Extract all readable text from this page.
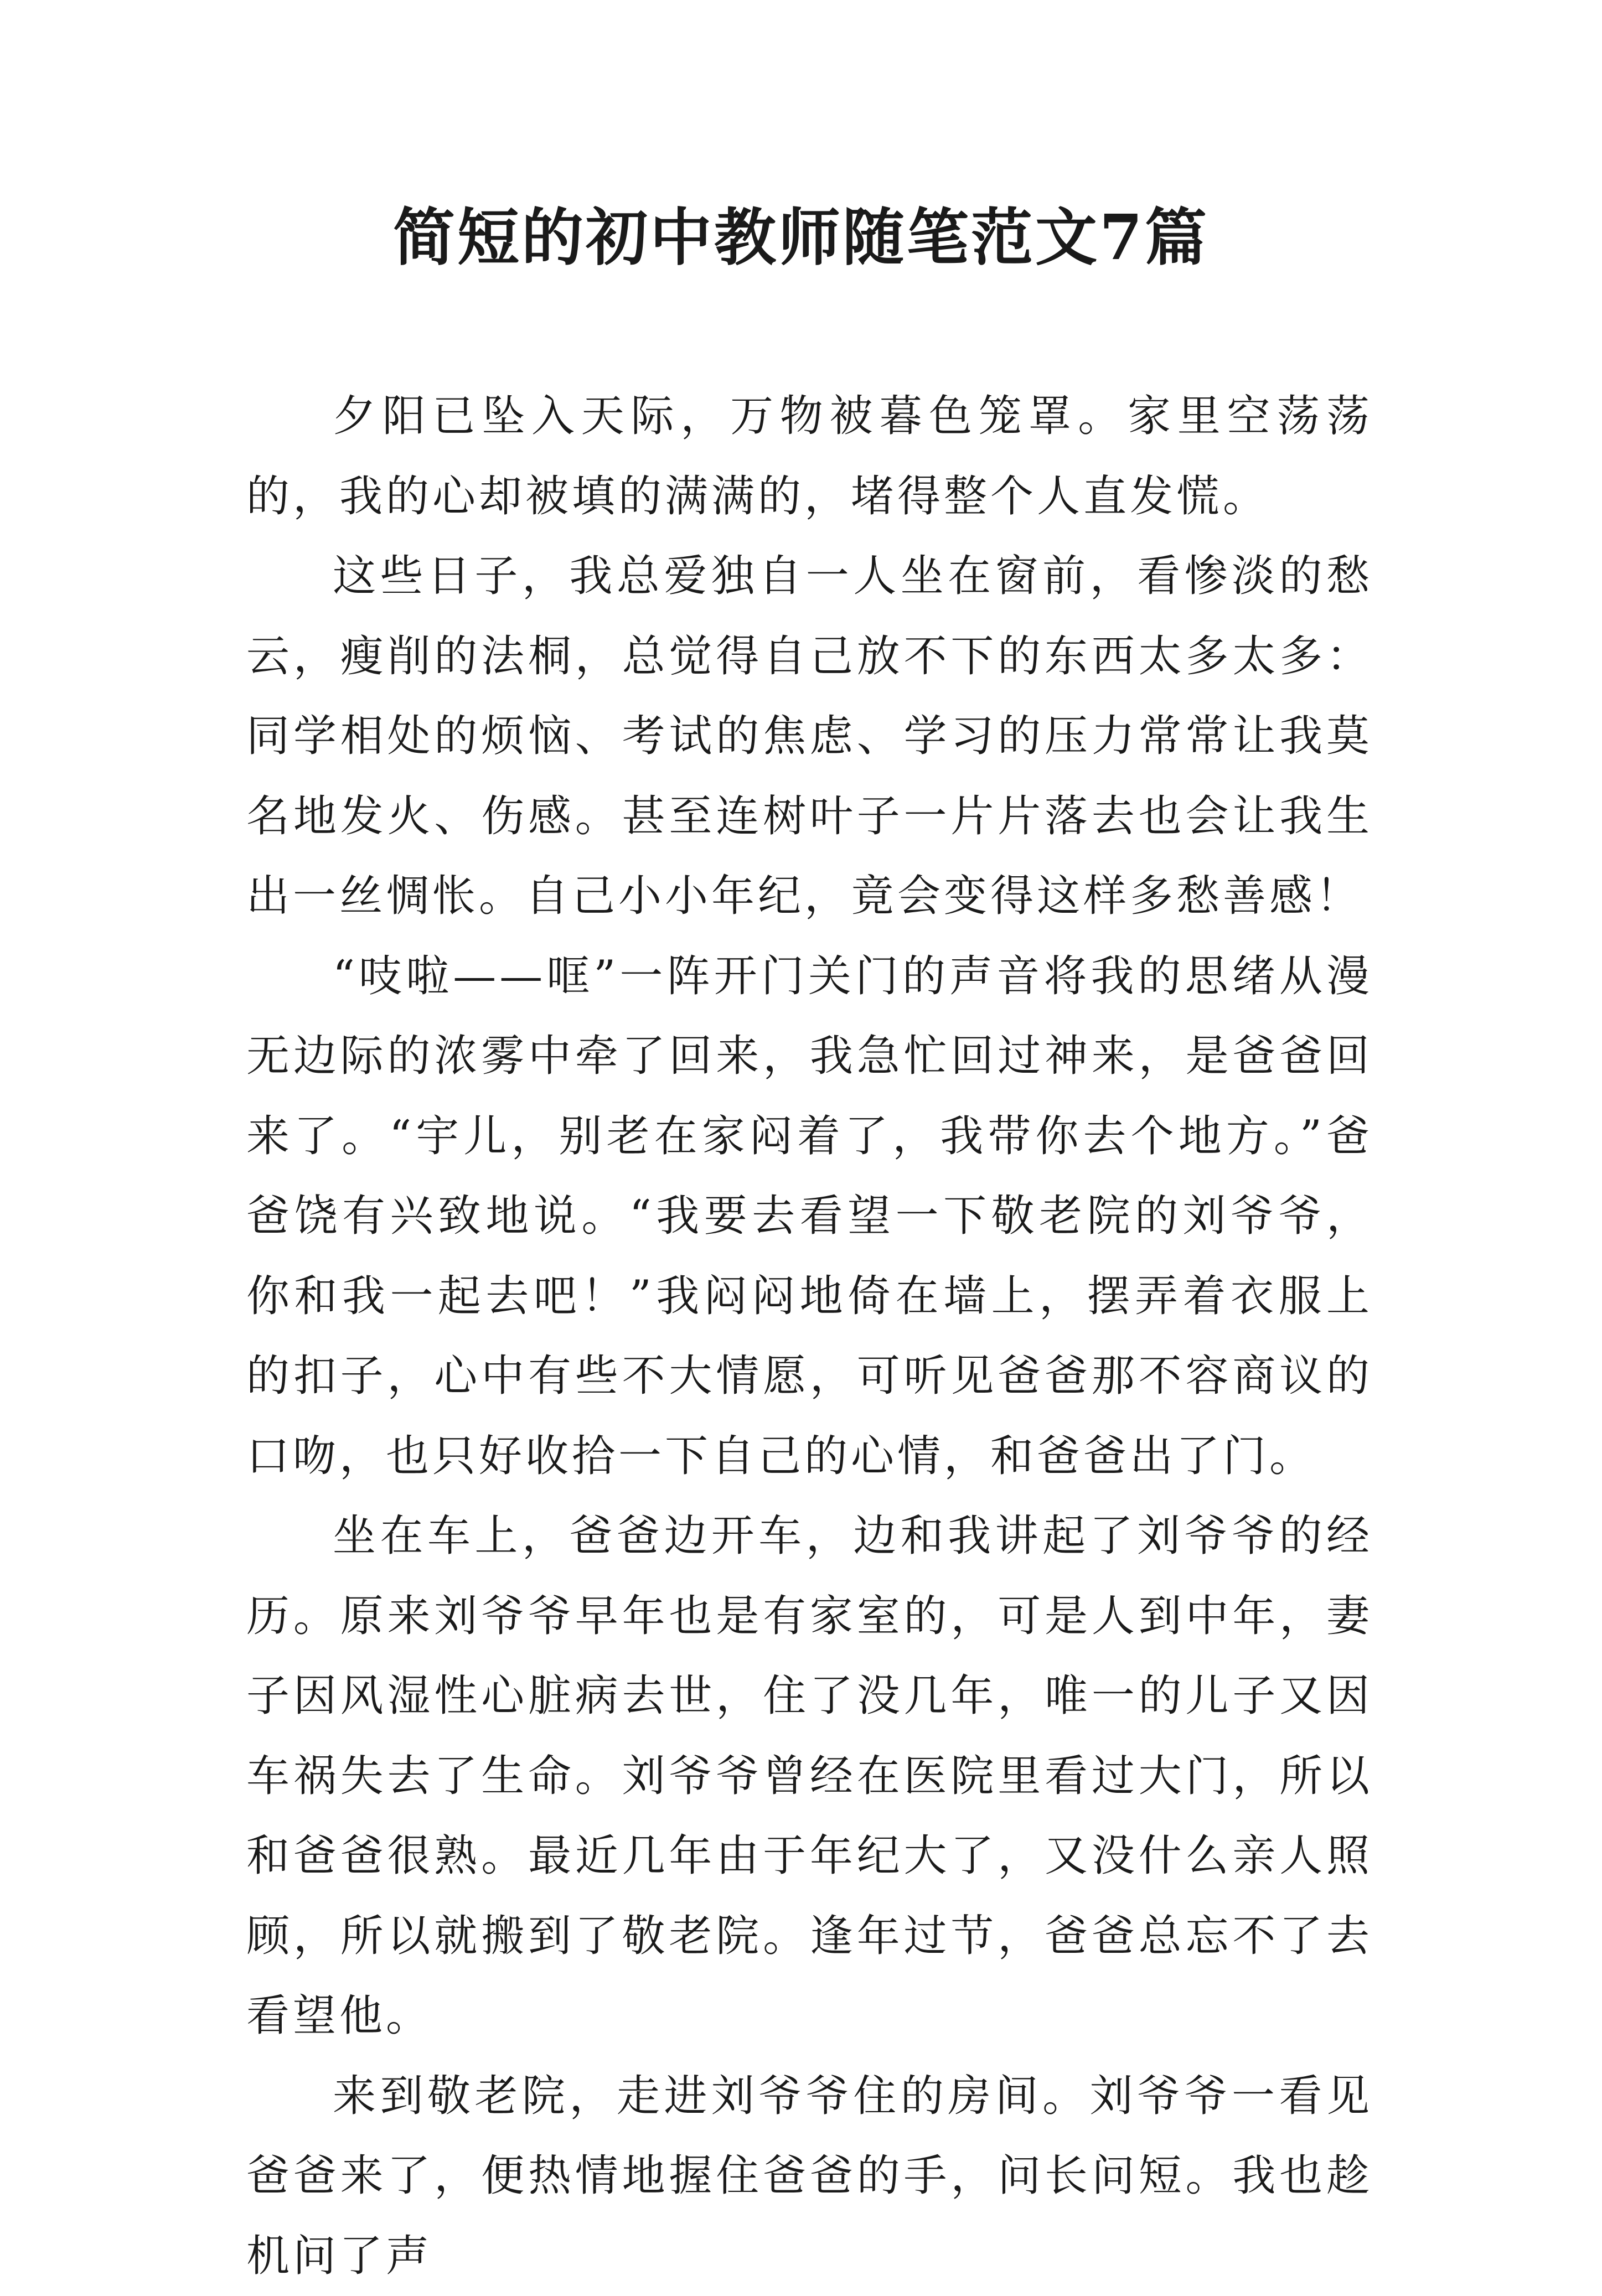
简短的初中教师随笔范文7篇

夕阳已坠入天际，万物被暮色笼罩。家里空荡荡的，我的心却被填的满满的，堵得整个人直发慌。

这些日子，我总爱独自一人坐在窗前，看惨淡的愁云，瘦削的法桐，总觉得自己放不下的东西太多太多：同学相处的烦恼、考试的焦虑、学习的压力常常让我莫名地发火、伤感。甚至连树叶子一片片落去也会让我生出一丝惆怅。自己小小年纪，竟会变得这样多愁善感！

“吱啦——哐”一阵开门关门的声音将我的思绪从漫无边际的浓雾中牵了回来，我急忙回过神来，是爸爸回来了。“宇儿，别老在家闷着了，我带你去个地方。”爸爸饶有兴致地说。“我要去看望一下敬老院的刘爷爷，你和我一起去吧！”我闷闷地倚在墙上，摆弄着衣服上的扣子，心中有些不大情愿，可听见爸爸那不容商议的口吻，也只好收拾一下自己的心情，和爸爸出了门。

坐在车上，爸爸边开车，边和我讲起了刘爷爷的经历。原来刘爷爷早年也是有家室的，可是人到中年，妻子因风湿性心脏病去世，住了没几年，唯一的儿子又因车祸失去了生命。刘爷爷曾经在医院里看过大门，所以和爸爸很熟。最近几年由于年纪大了，又没什么亲人照顾，所以就搬到了敬老院。逢年过节，爸爸总忘不了去看望他。

来到敬老院，走进刘爷爷住的房间。刘爷爷一看见爸爸来了，便热情地握住爸爸的手，问长问短。我也趁机问了声
